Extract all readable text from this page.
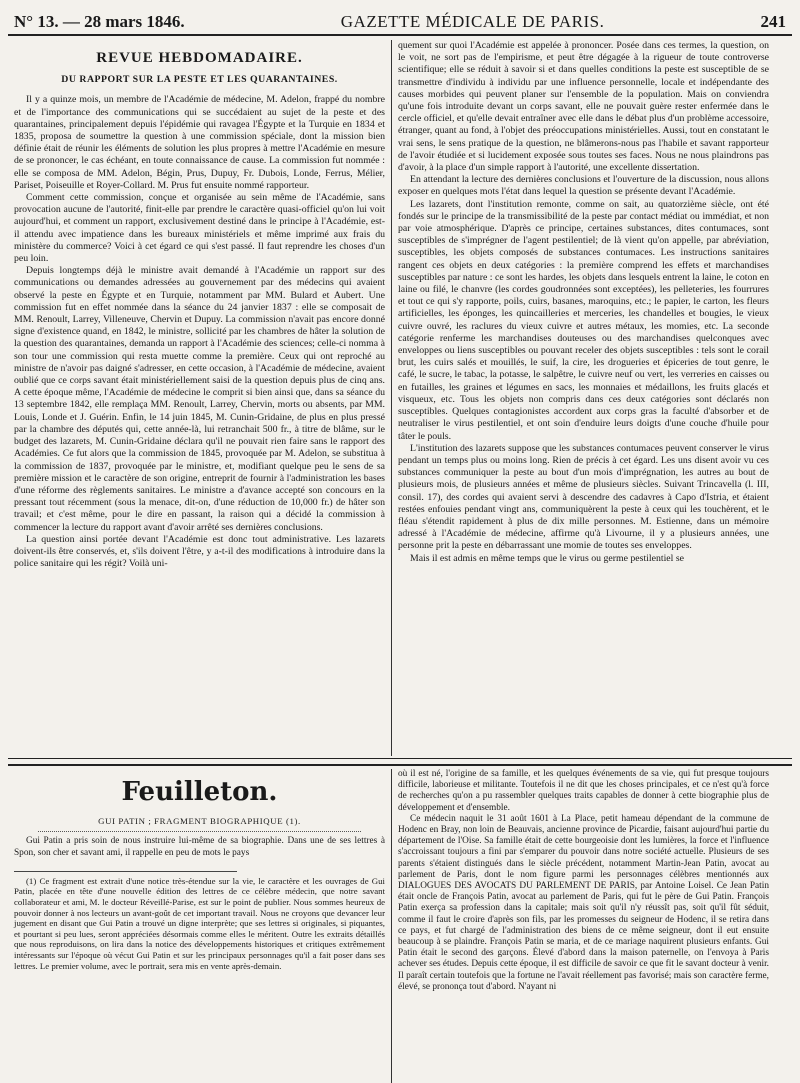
N° 13. — 28 mars 1846.	GAZETTE MÉDICALE DE PARIS.	241
REVUE HEBDOMADAIRE.
DU RAPPORT SUR LA PESTE ET LES QUARANTAINES.

Il y a quinze mois, un membre de l'Académie de médecine, M. Adelon, frappé du nombre et de l'importance des communications qui se succédaient au sujet de la peste et des quarantaines, principalement depuis l'épidémie qui ravagea l'Égypte et la Turquie en 1834 et 1835, proposa de soumettre la question à une commission spéciale, dont la mission bien définie était de réunir les éléments de solution les plus propres à mettre l'Académie en mesure de se prononcer, le cas échéant, en toute connaissance de cause. La commission fut nommée : elle se composa de MM. Adelon, Bégin, Prus, Dupuy, Fr. Dubois, Londe, Ferrus, Mélier, Pariset, Poiseuille et Royer-Collard. M. Prus fut ensuite nommé rapporteur.

Comment cette commission, conçue et organisée au sein même de l'Académie, sans provocation aucune de l'autorité, finit-elle par prendre le caractère quasi-officiel qu'on lui voit aujourd'hui, et comment un rapport, exclusivement destiné dans le principe à l'Académie, est-il attendu avec impatience dans les bureaux ministériels et même imprimé aux frais du ministère du commerce? Voici à cet égard ce qui s'est passé. Il faut reprendre les choses d'un peu loin.

Depuis longtemps déjà le ministre avait demandé à l'Académie un rapport sur des communications ou demandes adressées au gouvernement par des médecins qui avaient observé la peste en Égypte et en Turquie, notamment par MM. Bulard et Aubert. Une commission fut en effet nommée dans la séance du 24 janvier 1837 : elle se composait de MM. Renoult, Larrey, Villeneuve, Chervin et Dupuy. La commission n'avait pas encore donné signe d'existence quand, en 1842, le ministre, sollicité par les chambres de hâter la solution de la question des quarantaines, demanda un rapport à l'Académie des sciences; celle-ci nomma à son tour une commission qui resta muette comme la première. Ceux qui ont reproché au ministre de n'avoir pas daigné s'adresser, en cette occasion, à l'Académie de médecine, avaient oublié que ce corps savant était ministériellement saisi de la question depuis plus de cinq ans. A cette époque même, l'Académie de médecine le comprit si bien ainsi que, dans sa séance du 13 septembre 1842, elle remplaça MM. Renoult, Larrey, Chervin, morts ou absents, par MM. Louis, Londe et J. Guérin. Enfin, le 14 juin 1845, M. Cunin-Gridaine, de plus en plus pressé par la chambre des députés qui, cette année-là, lui retranchait 500 fr., à titre de blâme, sur le budget des lazarets, M. Cunin-Gridaine déclara qu'il ne pouvait rien faire sans le rapport des Académies. Ce fut alors que la commission de 1845, provoquée par M. Adelon, se substitua à la commission de 1837, provoquée par le ministre, et, modifiant quelque peu le sens de sa première mission et le caractère de son origine, entreprit de fournir à l'administration les bases d'une réforme des règlements sanitaires. Le ministre a d'avance accepté son concours en la pressant tout récemment (sous la menace, dit-on, d'une réduction de 10,000 fr.) de hâter son travail; et c'est même, pour le dire en passant, la raison qui a décidé la commission à commencer la lecture du rapport avant d'avoir arrêté ses dernières conclusions.

La question ainsi portée devant l'Académie est donc tout administrative. Les lazarets doivent-ils être conservés, et, s'ils doivent l'être, y a-t-il des modifications à introduire dans la police sanitaire qui les régit? Voilà uni-

quement sur quoi l'Académie est appelée à prononcer. Posée dans ces termes, la question, on le voit, ne sort pas de l'empirisme, et peut être dégagée à la rigueur de toute controverse scientifique; elle se réduit à savoir si et dans quelles conditions la peste est susceptible de se transmettre d'individu à individu par une influence personnelle, locale et indépendante des causes morbides qui peuvent planer sur l'ensemble de la population. Mais on conviendra qu'une fois introduite devant un corps savant, elle ne pouvait guère rester enfermée dans le cercle officiel, et qu'elle devait entraîner avec elle dans le débat plus d'un problème accessoire, étranger, quant au fond, à l'objet des préoccupations ministérielles. Aussi, tout en constatant le vrai sens, le sens pratique de la question, ne blâmerons-nous pas l'habile et savant rapporteur de l'avoir étudiée et si lucidement exposée sous toutes ses faces. Nous ne nous plaindrons pas d'avoir, à la place d'un simple rapport à l'autorité, une excellente dissertation.

En attendant la lecture des dernières conclusions et l'ouverture de la discussion, nous allons exposer en quelques mots l'état dans lequel la question se présente devant l'Académie.

Les lazarets, dont l'institution remonte, comme on sait, au quatorzième siècle, ont été fondés sur le principe de la transmissibilité de la peste par contact médiat ou immédiat, et non par voie atmosphérique. D'après ce principe, certaines substances, dites contumaces, sont susceptibles de s'imprégner de l'agent pestilentiel; de là vient qu'on appelle, par abréviation, susceptibles, les objets composés de substances contumaces. Les instructions sanitaires rangent ces objets en deux catégories : la première comprend les effets et marchandises susceptibles par nature : ce sont les hardes, les objets dans lesquels entrent la laine, le coton en laine ou filé, le chanvre (les cordes goudronnées sont exceptées), les pelleteries, les fourrures et tout ce qui s'y rapporte, poils, cuirs, basanes, maroquins, etc.; le papier, le carton, les fleurs artificielles, les éponges, les quincailleries et merceries, les chandelles et bougies, le vieux cuivre ouvré, les raclures du vieux cuivre et autres métaux, les momies, etc. La seconde catégorie renferme les marchandises douteuses ou des marchandises quelconques avec enveloppes ou liens susceptibles ou pouvant receler des objets susceptibles : tels sont le corail brut, les cuirs salés et mouillés, le suif, la cire, les drogueries et épiceries de tout genre, le café, le sucre, le tabac, la potasse, le salpêtre, le cuivre neuf ou vert, les verreries en caisses ou en futailles, les graines et légumes en sacs, les monnaies et médaillons, les fruits glacés et visqueux, etc. Tous les objets non compris dans ces deux catégories sont déclarés non susceptibles. Quelques contagionistes accordent aux corps gras la faculté d'absorber et de neutraliser le virus pestilentiel, et ont soin d'enduire leurs doigts d'une couche d'huile pour tâter le pouls.

L'institution des lazarets suppose que les substances contumaces peuvent conserver le virus pendant un temps plus ou moins long. Rien de précis à cet égard. Les uns disent avoir vu ces substances communiquer la peste au bout d'un mois d'imprégnation, les autres au bout de plusieurs mois, de plusieurs années et même de plusieurs siècles. Suivant Trincavella (l. III, consil. 17), des cordes qui avaient servi à descendre des cadavres à Capo d'Istria, et étaient restées enfouies pendant vingt ans, communiquèrent la peste à ceux qui les touchèrent, et le fléau s'étendit rapidement à plus de dix mille personnes. M. Estienne, dans un mémoire adressé à l'Académie de médecine, affirme qu'à Livourne, il y a plusieurs années, une personne prit la peste en débarrassant une momie de toutes ses enveloppes.

Mais il est admis en même temps que le virus ou germe pestilentiel se

Feuilleton.
GUI PATIN ; FRAGMENT BIOGRAPHIQUE (1).

Gui Patin a pris soin de nous instruire lui-même de sa biographie. Dans une de ses lettres à Spon, son cher et savant ami, il rappelle en peu de mots le pays

(1) Ce fragment est extrait d'une notice très-étendue sur la vie, le caractère et les ouvrages de Gui Patin, placée en tête d'une nouvelle édition des lettres de ce célèbre médecin, que notre savant collaborateur et ami, M. le docteur Réveillé-Parise, est sur le point de publier. Nous sommes heureux de pouvoir donner à nos lecteurs un avant-goût de cet important travail. Nous ne croyons que devancer leur jugement en disant que Gui Patin a trouvé un digne interprète; que ses lettres si originales, si piquantes, et pourtant si peu lues, seront appréciées désormais comme elles le méritent. Outre les extraits détaillés que nous reproduisons, on lira dans la notice des développements historiques et critiques extrêmement intéressants sur l'époque où vécut Gui Patin et sur les principaux personnages qu'il a fait poser dans ses lettres. Le premier volume, avec le portrait, sera mis en vente après-demain.

où il est né, l'origine de sa famille, et les quelques événements de sa vie, qui fut presque toujours difficile, laborieuse et militante. Toutefois il ne dit que les choses principales, et ce n'est qu'à force de recherches qu'on a pu rassembler quelques traits capables de donner à cette biographie plus de développement et d'ensemble.

Ce médecin naquit le 31 août 1601 à La Place, petit hameau dépendant de la commune de Hodenc en Bray, non loin de Beauvais, ancienne province de Picardie, faisant aujourd'hui partie du département de l'Oise. Sa famille était de cette bourgeoisie dont les lumières, la force et l'influence s'accroissant toujours a fini par s'emparer du pouvoir dans notre société actuelle. Plusieurs de ses parents s'étaient distingués dans le siècle précédent, notamment Martin-Jean Patin, avocat au parlement de Paris, dont le nom figure parmi les personnages célèbres mentionnés aux DIALOGUES DES AVOCATS DU PARLEMENT DE PARIS, par Antoine Loisel. Ce Jean Patin était oncle de François Patin, avocat au parlement de Paris, qui fut le père de Gui Patin. François Patin exerça sa profession dans la capitale; mais soit qu'il n'y réussît pas, soit qu'il fût séduit, comme il faut le croire d'après son fils, par les promesses du seigneur de Hodenc, il se retira dans ce pays, et fut chargé de l'administration des biens de ce même seigneur, dont il eut ensuite beaucoup à se plaindre. François Patin se maria, et de ce mariage naquirent plusieurs enfants. Gui Patin était le second des garçons. Élevé d'abord dans la maison paternelle, on l'envoya à Paris achever ses études. Depuis cette époque, il est difficile de savoir ce que fit le savant docteur à venir. Il paraît certain toutefois que la fortune ne l'avait réellement pas favorisé; mais son caractère ferme, élevé, se prononça tout d'abord. N'ayant ni
